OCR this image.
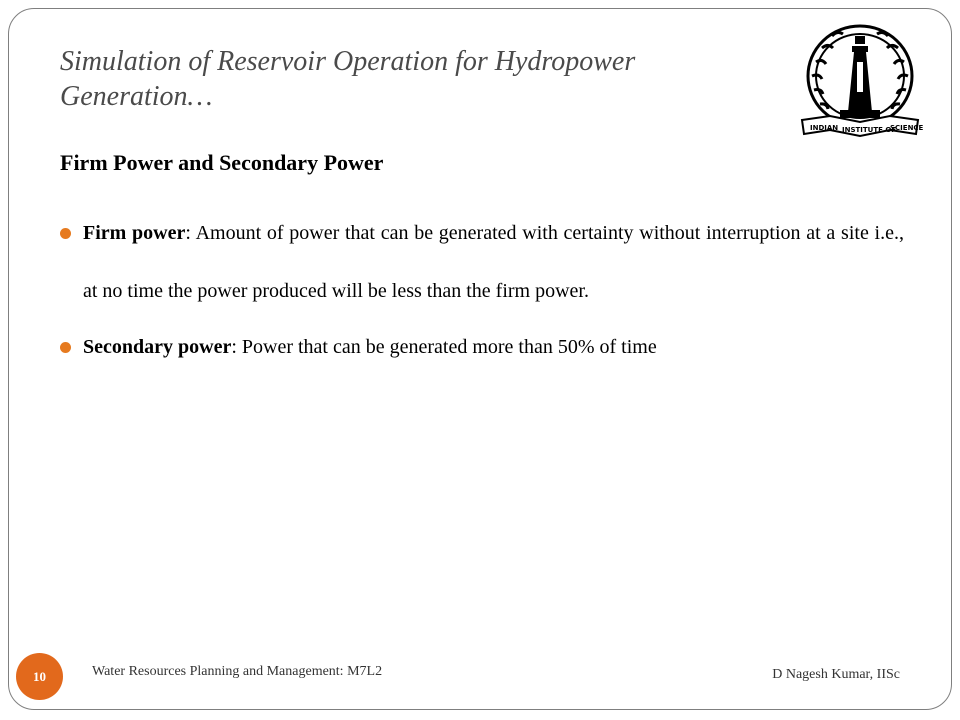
Simulation of Reservoir Operation for Hydropower Generation…
INDIAN INSTITUTE OF
SCIENCE
Firm Power and Secondary Power
Firm power: Amount of power that can be generated with certainty without interruption at a site i.e., at no time the power produced will be less than the firm power.
Secondary power: Power that can be generated more than 50% of time
10	Water Resources Planning and Management: M7L2	D Nagesh Kumar, IISc
